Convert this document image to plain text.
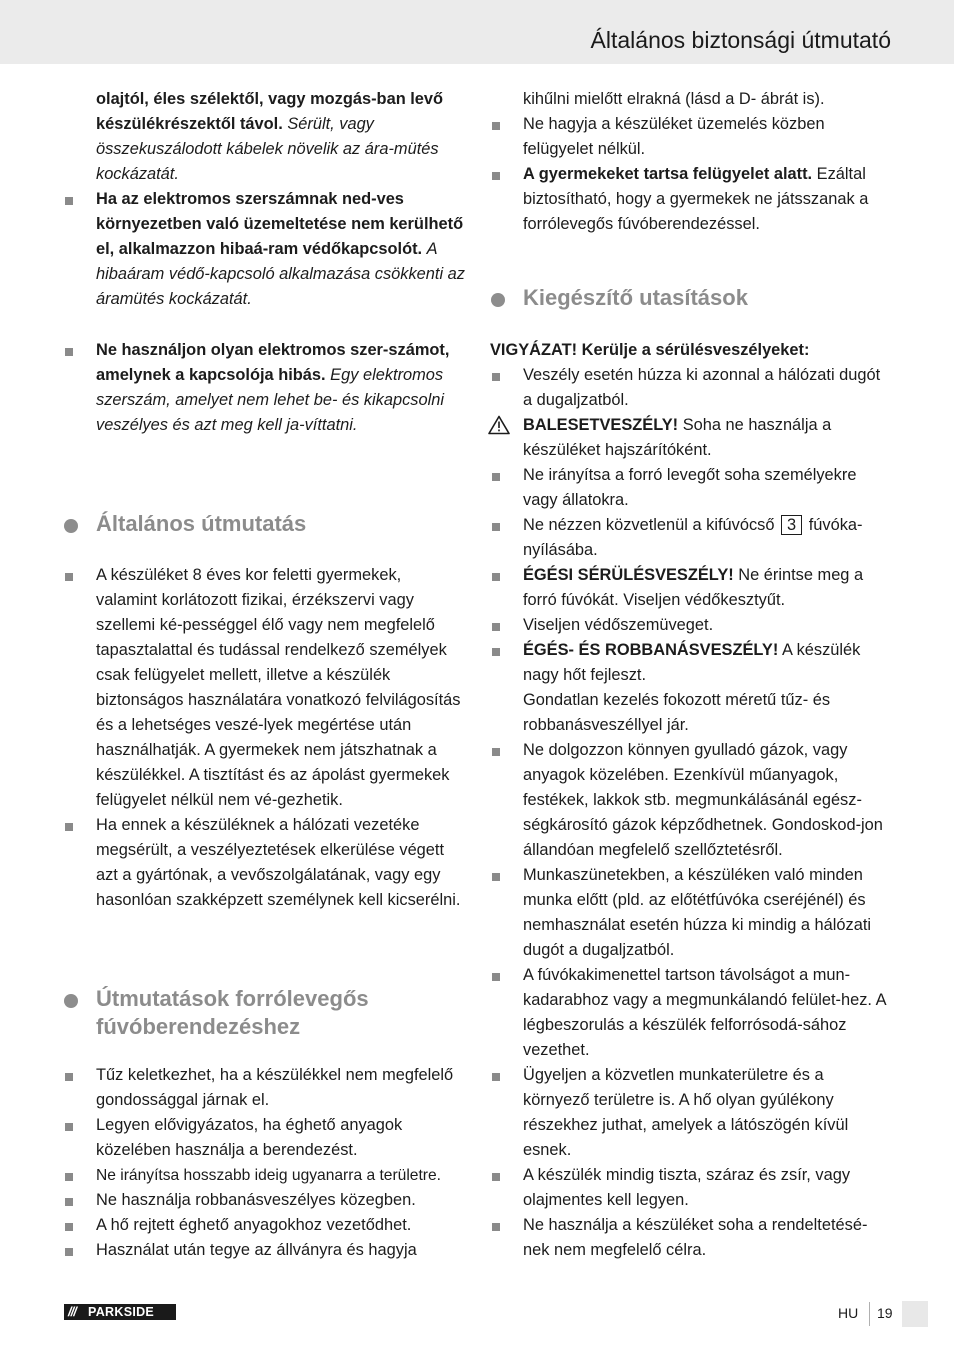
Általános biztonsági útmutató

olajtól, éles szélektől, vagy mozgás-ban levő készülékrészektől távol. Sérült, vagy összekuszálodott kábelek növelik az ára-mütés kockázatát.

Ha az elektromos szerszámnak ned-ves környezetben való üzemeltetése nem kerülhető el, alkalmazzon hibaá-ram védőkapcsolót. A hibaáram védő-kapcsoló alkalmazása csökkenti az áramütés kockázatát.
Ne használjon olyan elektromos szer-számot, amelynek a kapcsolója hibás. Egy elektromos szerszám, amelyet nem lehet be- és kikapcsolni veszélyes és azt meg kell ja-víttatni.
Általános útmutatás
A készüléket 8 éves kor feletti gyermekek, valamint korlátozott fizikai, érzékszervi vagy szellemi ké-pességgel élő vagy nem megfelelő tapasztalattal és tudással rendelkező személyek csak felügyelet mellett, illetve a készülék biztonságos használatára vonatkozó felvilágosítás és a lehetséges veszé-lyek megértése után használhatják. A gyermekek nem játszhatnak a készülékkel. A tisztítást és az ápolást gyermekek felügyelet nélkül nem vé-gezhetik.
Ha ennek a készüléknek a hálózati vezetéke megsérült, a veszélyeztetések elkerülése végett azt a gyártónak, a vevőszolgálatának, vagy egy hasonlóan szakképzett személynek kell kicserélni.
Útmutatások forrólevegős fúvóberendezéshez
Tűz keletkezhet, ha a készülékkel nem megfelelő gondossággal járnak el.
Legyen elővigyázatos, ha éghető anyagok közelében használja a berendezést.
Ne irányítsa hosszabb ideig ugyanarra a területre.
Ne használja robbanásveszélyes közegben.
A hő rejtett éghető anyagokhoz vezetődhet.
Használat után tegye az állványra és hagyja

kihűlni mielőtt elrakná (lásd a D- ábrát is).

Ne hagyja a készüléket üzemelés közben felügyelet nélkül.
A gyermekeket tartsa felügyelet alatt. Ezáltal biztosítható, hogy a gyermekek ne játsszanak a forrólevegős fúvóberendezéssel.
Kiegészítő utasítások

VIGYÁZAT! Kerülje a sérülésveszélyeket:

Veszély esetén húzza ki azonnal a hálózati dugót a dugaljzatból.
BALESETVESZÉLY! Soha ne használja a készüléket hajszárítóként.
Ne irányítsa a forró levegőt soha személyekre vagy állatokra.
Ne nézzen közvetlenül a kifúvócső 3 fúvóka-nyílásába.
ÉGÉSI SÉRÜLÉSVESZÉLY! Ne érintse meg a forró fúvókát. Viseljen védőkesztyűt.
Viseljen védőszemüveget.
ÉGÉS- ÉS ROBBANÁSVESZÉLY! A készülék nagy hőt fejleszt.
Gondatlan kezelés fokozott méretű tűz- és robbanásveszéllyel jár.
Ne dolgozzon könnyen gyulladó gázok, vagy anyagok közelében. Ezenkívül műanyagok, festékek, lakkok stb. megmunkálásánál egész-ségkárosító gázok képződhetnek. Gondoskod-jon állandóan megfelelő szellőztetésről.
Munkaszünetekben, a készüléken való minden munka előtt (pld. az előtétfúvóka cseréjénél) és nemhasználat esetén húzza ki mindig a hálózati dugót a dugaljzatból.
A fúvókakimenettel tartson távolságot a mun-kadarabhoz vagy a megmunkálandó felület-hez. A légbeszorulás a készülék felforrósodá-sához vezethet.
Ügyeljen a közvetlen munkaterületre és a környező területre is. A hő olyan gyúlékony részekhez juthat, amelyek a látószögén kívül esnek.
A készülék mindig tiszta, száraz és zsír, vagy olajmentes kell legyen.
Ne használja a készüléket soha a rendeltetésé-nek nem megfelelő célra.
/// PARKSIDE	HU 19
